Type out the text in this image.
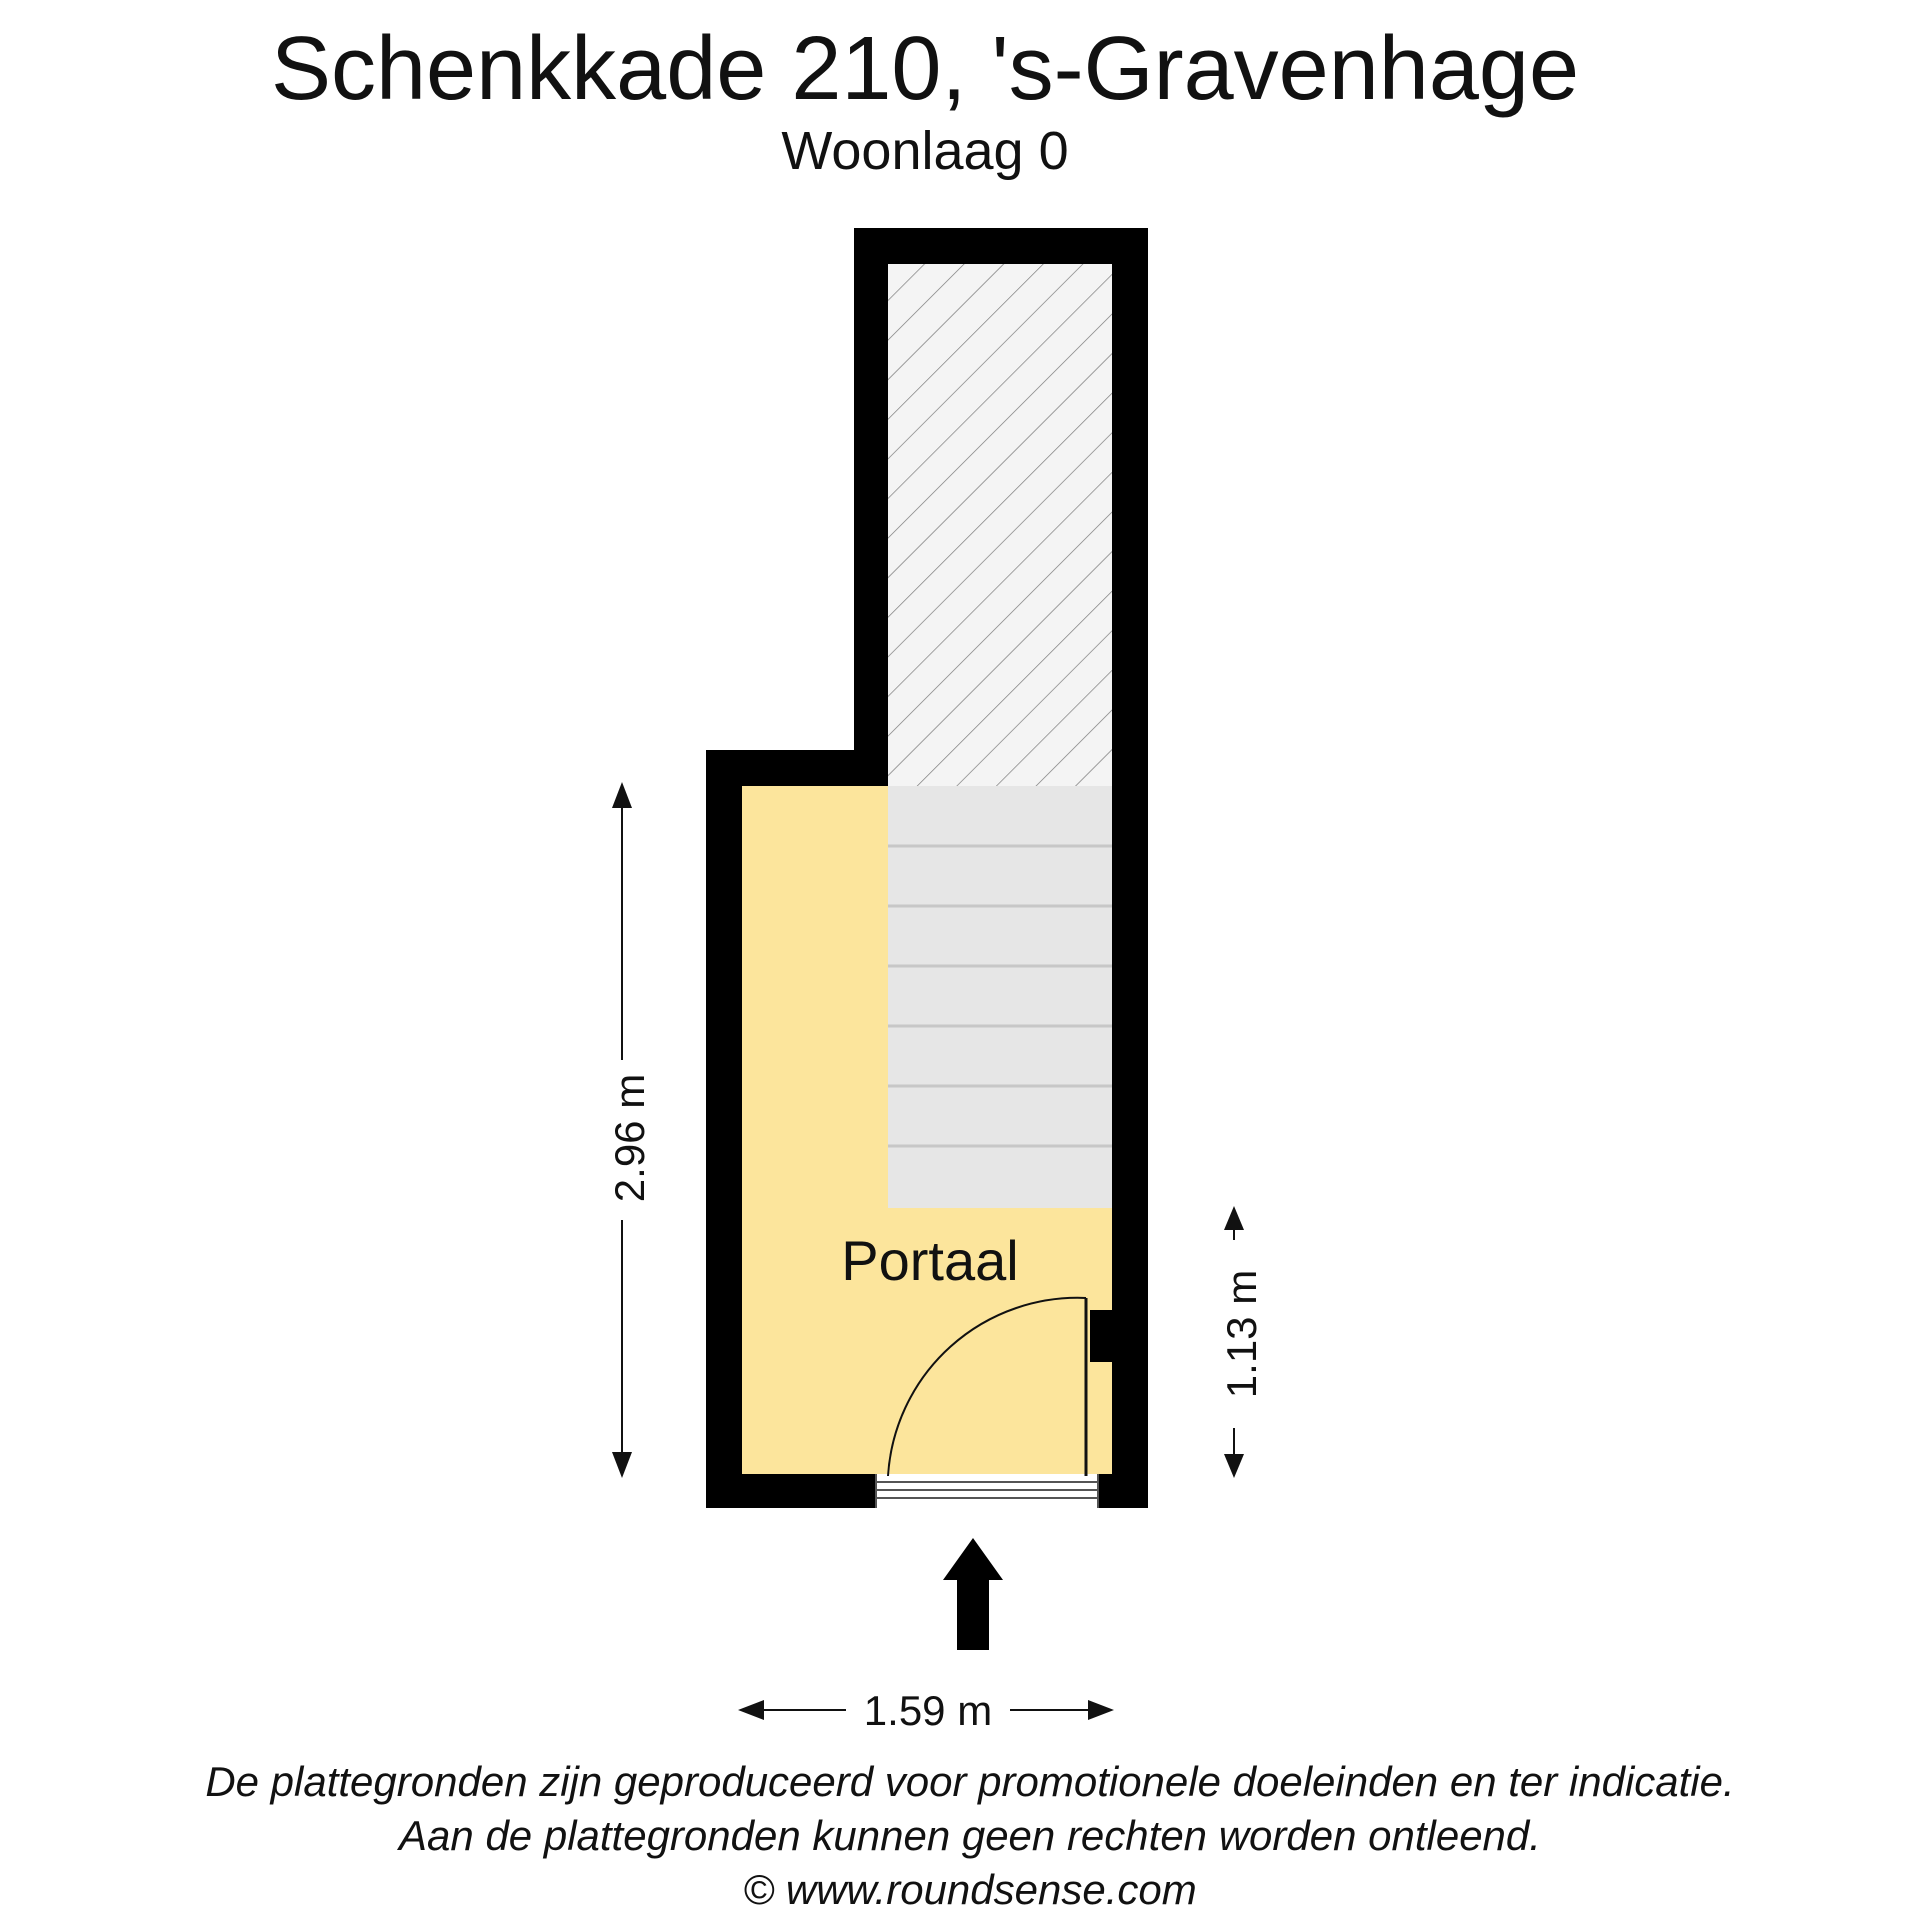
Schenkkade 210, 's-Gravenhage
Woonlaag 0
Portaal
2.96 m
1.13 m
1.59 m
De plattegronden zijn geproduceerd voor promotionele doeleinden en ter indicatie.
Aan de plattegronden kunnen geen rechten worden ontleend.
© www.roundsense.com
